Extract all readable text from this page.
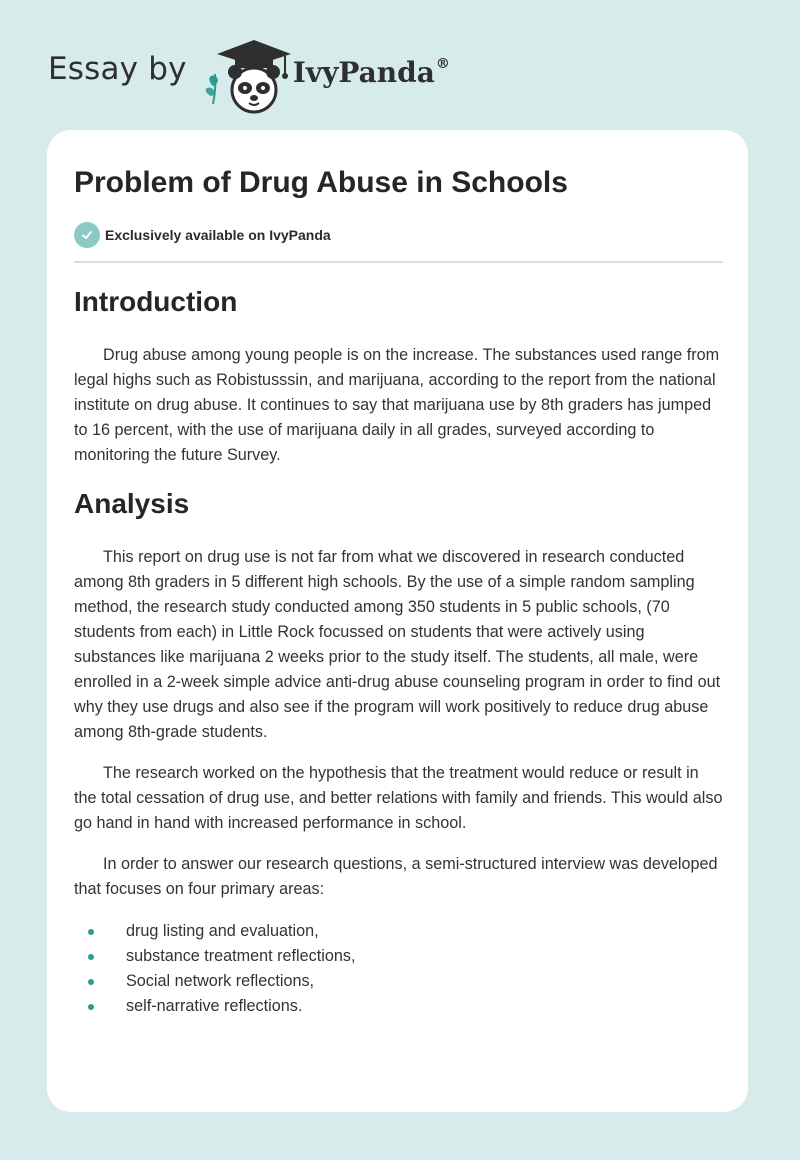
Essay by	IvyPanda®
Problem of Drug Abuse in Schools
Exclusively available on IvyPanda
Introduction

Drug abuse among young people is on the increase. The substances used range from legal highs such as Robistusssin, and marijuana, according to the report from the national institute on drug abuse. It continues to say that marijuana use by 8th graders has jumped to 16 percent, with the use of marijuana daily in all grades, surveyed according to monitoring the future Survey.

Analysis

This report on drug use is not far from what we discovered in research conducted among 8th graders in 5 different high schools. By the use of a simple random sampling method, the research study conducted among 350 students in 5 public schools, (70 students from each) in Little Rock focussed on students that were actively using substances like marijuana 2 weeks prior to the study itself. The students, all male, were enrolled in a 2-week simple advice anti-drug abuse counseling program in order to find out why they use drugs and also see if the program will work positively to reduce drug abuse among 8th-grade students.

The research worked on the hypothesis that the treatment would reduce or result in the total cessation of drug use, and better relations with family and friends. This would also go hand in hand with increased performance in school.

In order to answer our research questions, a semi-structured interview was developed that focuses on four primary areas:

drug listing and evaluation,
substance treatment reflections,
Social network reflections,
self-narrative reflections.
